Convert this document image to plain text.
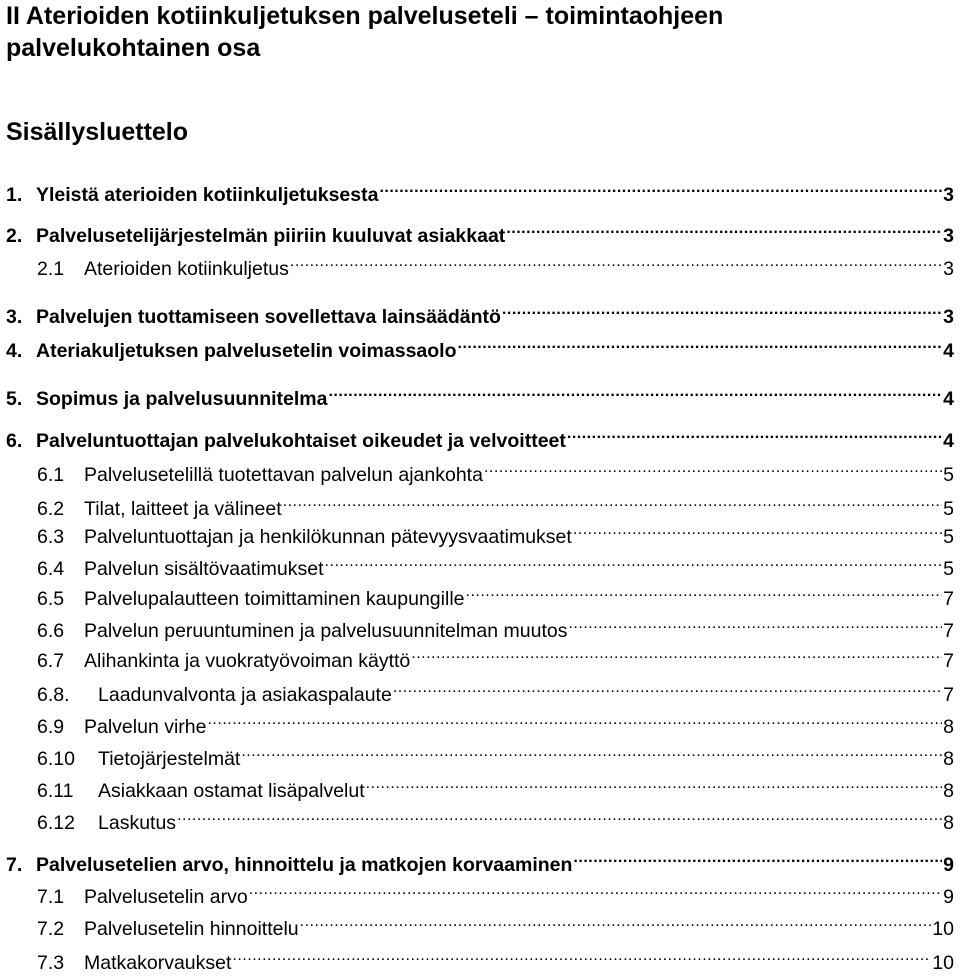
II Aterioiden kotiinkuljetuksen palveluseteli – toimintaohjeen
palvelukohtainen osa
Sisällysluettelo
1. Yleistä aterioiden kotiinkuljetuksesta .....	3
2. Palvelusetelijärjestelmän piiriin kuuluvat asiakkaat .....	3
2.1	Aterioiden kotiinkuljetus .....	3
3. Palvelujen tuottamiseen sovellettava lainsäädäntö .....	3
4. Ateriakuljetuksen palvelusetelin voimassaolo .....	4
5. Sopimus ja palvelusuunnitelma .....	4
6. Palveluntuottajan palvelukohtaiset oikeudet ja velvoitteet .....	4
6.1	Palvelusetelillä tuotettavan palvelun ajankohta .....	5
6.2	Tilat, laitteet ja välineet .....	5
6.3	Palveluntuottajan ja henkilökunnan pätevyysvaatimukset .....	5
6.4	Palvelun sisältövaatimukset .....	5
6.5	Palvelupalautteen toimittaminen kaupungille .....	7
6.6	Palvelun peruuntuminen ja palvelusuunnitelman muutos .....	7
6.7	Alihankinta ja vuokratyövoiman käyttö .....	7
6.8.	Laadunvalvonta ja asiakaspalaute .....	7
6.9	Palvelun virhe .....	8
6.10	Tietojärjestelmät .....	8
6.11	Asiakkaan ostamat lisäpalvelut .....	8
6.12	Laskutus .....	8
7. Palvelusetelien arvo, hinnoittelu ja matkojen korvaaminen .....	9
7.1	Palvelusetelin arvo .....	9
7.2	Palvelusetelin hinnoittelu .....	10
7.3	Matkakorvaukset .....	10
